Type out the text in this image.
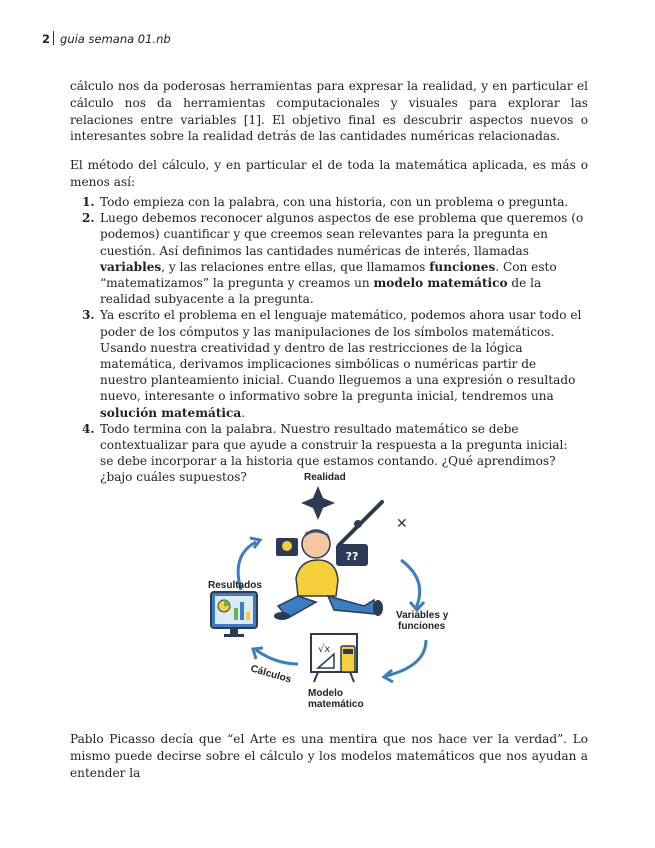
2 guia semana 01.nb
cálculo nos da poderosas herramientas para expresar la realidad, y en particular el cálculo nos da herramientas computacionales y visuales para explorar las relaciones entre variables [1]. El objetivo final es descubrir aspectos nuevos o interesantes sobre la realidad detrás de las cantidades numéricas relacionadas.
El método del cálculo, y en particular el de toda la matemática aplicada, es más o menos así:
1. Todo empieza con la palabra, con una historia, con un problema o pregunta.
2. Luego debemos reconocer algunos aspectos de ese problema que queremos (o podemos) cuantificar y que creemos sean relevantes para la pregunta en cuestión. Así definimos las cantidades numéricas de interés, llamadas variables, y las relaciones entre ellas, que llamamos funciones. Con esto “matematizamos” la pregunta y creamos un modelo matemático de la realidad subyacente a la pregunta.
3. Ya escrito el problema en el lenguaje matemático, podemos ahora usar todo el poder de los cómputos y las manipulaciones de los símbolos matemáticos. Usando nuestra creatividad y dentro de las restricciones de la lógica matemática, derivamos implicaciones simbólicas o numéricas partir de nuestro planteamiento inicial. Cuando lleguemos a una expresión o resultado nuevo, interesante o informativo sobre la pregunta inicial, tendremos una solución matemática.
4. Todo termina con la palabra. Nuestro resultado matemático se debe contextualizar para que ayude a construir la respuesta a la pregunta inicial: se debe incorporar a la historia que estamos contando. ¿Qué aprendimos? ¿bajo cuáles supuestos?
✕
??
√x
Realidad
Resultados
Variables y
funciones
Cálculos
Modelo
matemático
Pablo Picasso decía que “el Arte es una mentira que nos hace ver la verdad”. Lo mismo puede decirse sobre el cálculo y los modelos matemáticos que nos ayudan a entender la
